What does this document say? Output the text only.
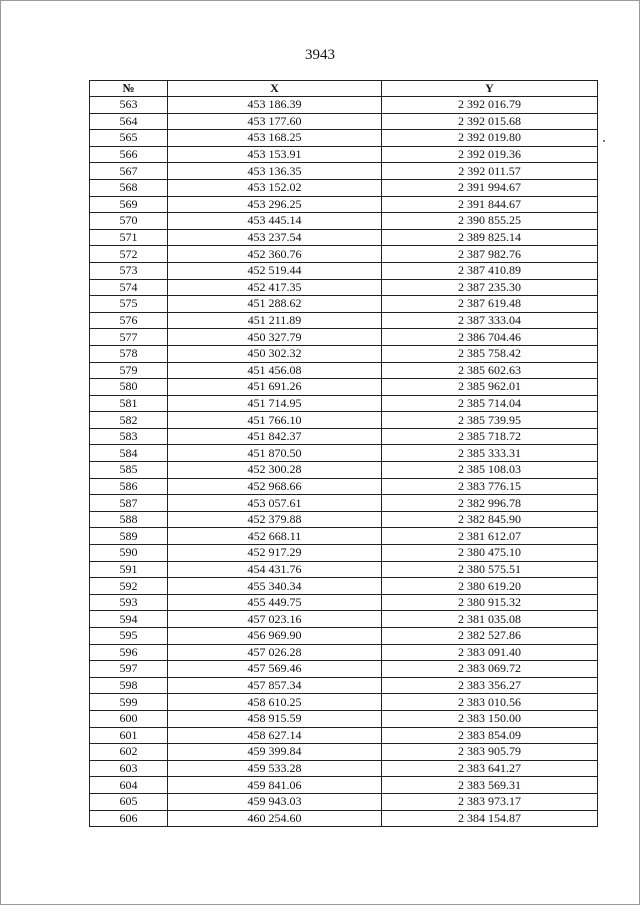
3943
№	X	Y
563	453 186.39	2 392 016.79
564	453 177.60	2 392 015.68
565	453 168.25	2 392 019.80
566	453 153.91	2 392 019.36
567	453 136.35	2 392 011.57
568	453 152.02	2 391 994.67
569	453 296.25	2 391 844.67
570	453 445.14	2 390 855.25
571	453 237.54	2 389 825.14
572	452 360.76	2 387 982.76
573	452 519.44	2 387 410.89
574	452 417.35	2 387 235.30
575	451 288.62	2 387 619.48
576	451 211.89	2 387 333.04
577	450 327.79	2 386 704.46
578	450 302.32	2 385 758.42
579	451 456.08	2 385 602.63
580	451 691.26	2 385 962.01
581	451 714.95	2 385 714.04
582	451 766.10	2 385 739.95
583	451 842.37	2 385 718.72
584	451 870.50	2 385 333.31
585	452 300.28	2 385 108.03
586	452 968.66	2 383 776.15
587	453 057.61	2 382 996.78
588	452 379.88	2 382 845.90
589	452 668.11	2 381 612.07
590	452 917.29	2 380 475.10
591	454 431.76	2 380 575.51
592	455 340.34	2 380 619.20
593	455 449.75	2 380 915.32
594	457 023.16	2 381 035.08
595	456 969.90	2 382 527.86
596	457 026.28	2 383 091.40
597	457 569.46	2 383 069.72
598	457 857.34	2 383 356.27
599	458 610.25	2 383 010.56
600	458 915.59	2 383 150.00
601	458 627.14	2 383 854.09
602	459 399.84	2 383 905.79
603	459 533.28	2 383 641.27
604	459 841.06	2 383 569.31
605	459 943.03	2 383 973.17
606	460 254.60	2 384 154.87
